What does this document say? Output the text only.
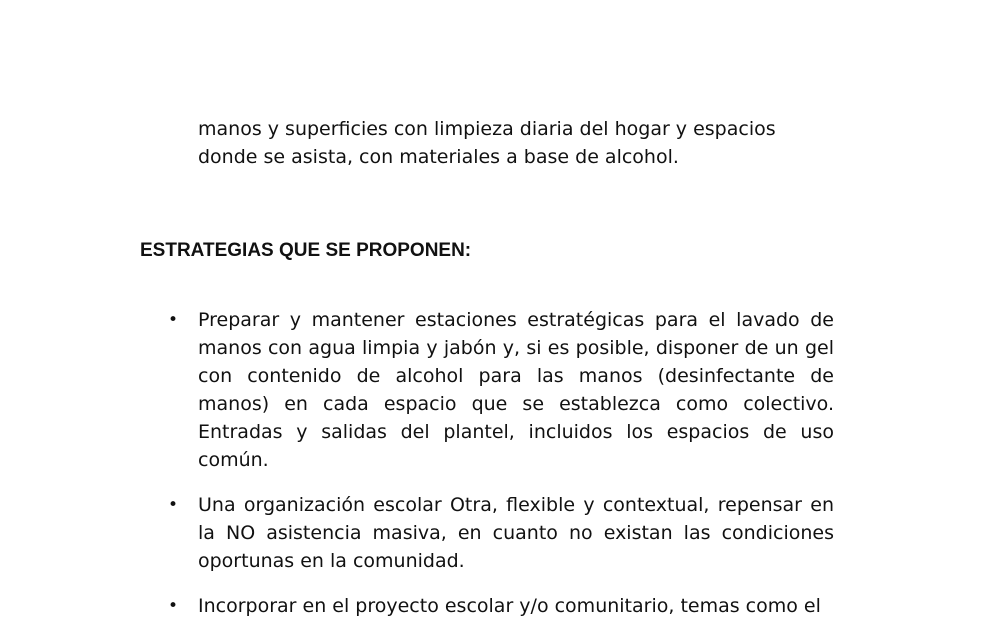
manos y superficies con limpieza diaria del hogar y espacios donde se asista, con materiales a base de alcohol.

ESTRATEGIAS QUE SE PROPONEN:
• Preparar y mantener estaciones estratégicas para el lavado de manos con agua limpia y jabón y, si es posible, disponer de un gel con contenido de alcohol para las manos (desinfectante de manos) en cada espacio que se establezca como colectivo. Entradas y salidas del plantel, incluidos los espacios de uso común.
• Una organización escolar Otra, flexible y contextual, repensar en la NO asistencia masiva, en cuanto no existan las condiciones oportunas en la comunidad.
• Incorporar en el proyecto escolar y/o comunitario, temas como el
